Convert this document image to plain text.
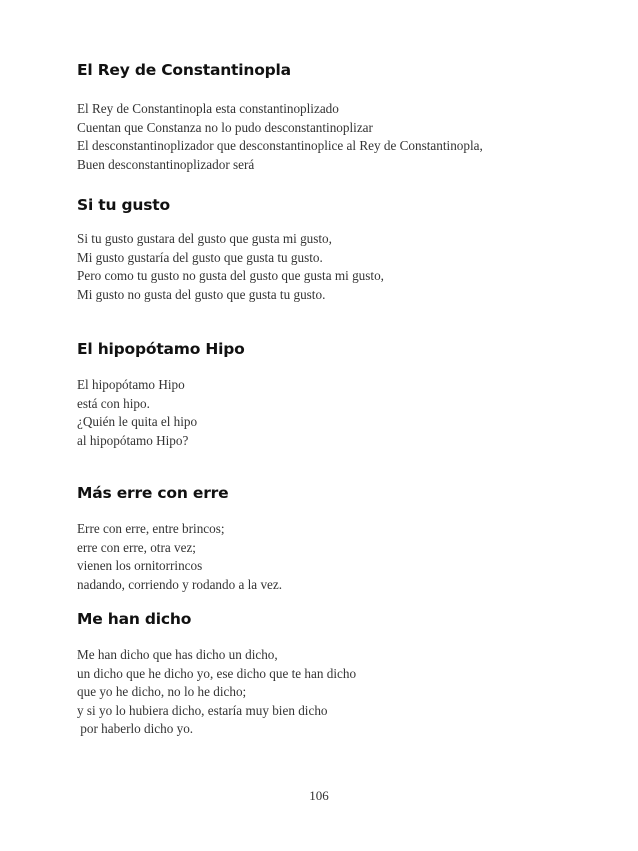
El Rey de Constantinopla
El Rey de Constantinopla esta constantinoplizado
Cuentan que Constanza no lo pudo desconstantinoplizar
El desconstantinoplizador que desconstantinoplice al Rey de Constantinopla,
Buen desconstantinoplizador será
Si tu gusto
Si tu gusto gustara del gusto que gusta mi gusto,
Mi gusto gustaría del gusto que gusta tu gusto.
Pero como tu gusto no gusta del gusto que gusta mi gusto,
Mi gusto no gusta del gusto que gusta tu gusto.
El hipopótamo Hipo
El hipopótamo Hipo
está con hipo.
¿Quién le quita el hipo
al hipopótamo Hipo?
Más erre con erre
Erre con erre, entre brincos;
erre con erre, otra vez;
vienen los ornitorrincos
nadando, corriendo y rodando a la vez.
Me han dicho
Me han dicho que has dicho un dicho,
un dicho que he dicho yo, ese dicho que te han dicho
que yo he dicho, no lo he dicho;
y si yo lo hubiera dicho, estaría muy bien dicho
por haberlo dicho yo.
106
